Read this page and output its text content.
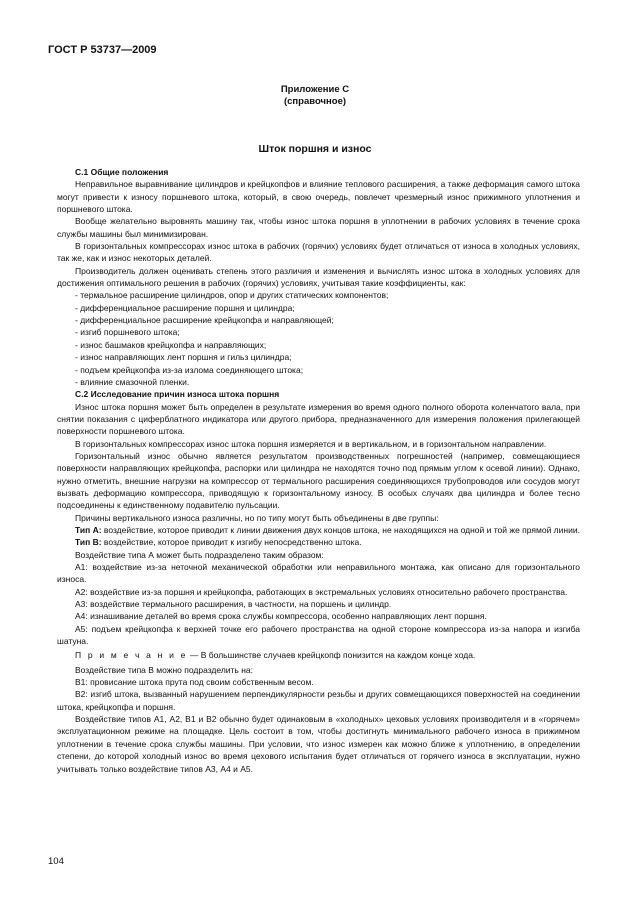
ГОСТ Р 53737—2009
Приложение С
(справочное)
Шток поршня и износ

С.1 Общие положения

Неправильное выравнивание цилиндров и крейцкопфов и влияние теплового расширения, а также деформация самого штока могут привести к износу поршневого штока, который, в свою очередь, повлечет чрезмерный износ прижимного уплотнения и поршневого штока.

Вообще желательно выровнять машину так, чтобы износ штока поршня в уплотнении в рабочих условиях в течение срока службы машины был минимизирован.

В горизонтальных компрессорах износ штока в рабочих (горячих) условиях будет отличаться от износа в холодных условиях, так же, как и износ некоторых деталей.

Производитель должен оценивать степень этого различия и изменения и вычислять износ штока в холодных условиях для достижения оптимального решения в рабочих (горячих) условиях, учитывая такие коэффициенты, как:

- термальное расширение цилиндров, опор и других статических компонентов;

- дифференциальное расширение поршня и цилиндра;

- дифференциальное расширение крейцкопфа и направляющей;

- изгиб поршневого штока;

- износ башмаков крейцкопфа и направляющих;

- износ направляющих лент поршня и гильз цилиндра;

- подъем крейцкопфа из-за излома соединяющего штока;

- влияние смазочной пленки.

С.2 Исследование причин износа штока поршня

Износ штока поршня может быть определен в результате измерения во время одного полного оборота коленчатого вала, при снятии показания с циферблатного индикатора или другого прибора, предназначенного для измерения положения прилегающей поверхности поршневого штока.

В горизонтальных компрессорах износ штока поршня измеряется и в вертикальном, и в горизонтальном направлении.

Горизонтальный износ обычно является результатом производственных погрешностей (например, совмещающиеся поверхности направляющих крейцкопфа, распорки или цилиндра не находятся точно под прямым углом к осевой линии). Однако, нужно отметить, внешние нагрузки на компрессор от термального расширения соединяющихся трубопроводов или сосудов могут вызвать деформацию компрессора, приводящую к горизонтальному износу. В особых случаях два цилиндра и более тесно подсоединены к единственному подавителю пульсации.

Причины вертикального износа различны, но по типу могут быть объединены в две группы:

Тип А: воздействие, которое приводит к линии движения двух концов штока, не находящихся на одной и той же прямой линии.

Тип В: воздействие, которое приводит к изгибу непосредственно штока.

Воздействие типа А может быть подразделено таким образом:

А1: воздействие из-за неточной механической обработки или неправильного монтажа, как описано для горизонтального износа.

А2: воздействие из-за поршня и крейцкопфа, работающих в экстремальных условиях относительно рабочего пространства.

А3: воздействие термального расширения, в частности, на поршень и цилиндр.

А4: изнашивание деталей во время срока службы компрессора, особенно направляющих лент поршня.

А5: подъем крейцкопфа к верхней точке его рабочего пространства на одной стороне компрессора из-за напора и изгиба шатуна.

П р и м е ч а н и е — В большинстве случаев крейцкопф понизится на каждом конце хода.

Воздействие типа В можно подразделить на:

В1: провисание штока прута под своим собственным весом.

В2: изгиб штока, вызванный нарушением перпендикулярности резьбы и других совмещающихся поверхностей на соединении штока, крейцкопфа и поршня.

Воздействие типов А1, А2, В1 и В2 обычно будет одинаковым в «холодных» цеховых условиях производителя и в «горячем» эксплуатационном режиме на площадке. Цель состоит в том, чтобы достигнуть минимального рабочего износа в прижимном уплотнении в течение срока службы машины. При условии, что износ измерен как можно ближе к уплотнению, в определении степени, до которой холодный износ во время цехового испытания будет отличаться от горячего износа в эксплуатации, нужно учитывать только воздействие типов А3, А4 и А5.

104
